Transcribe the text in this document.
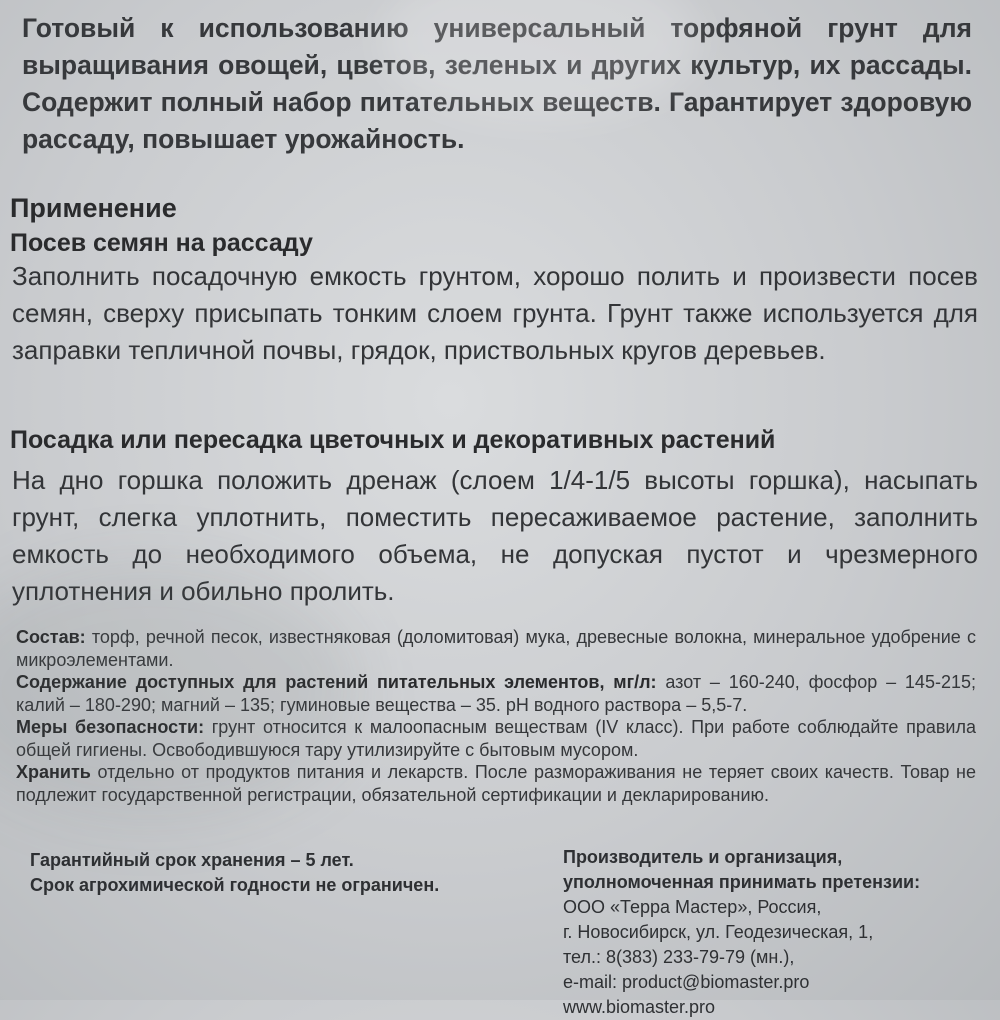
Готовый к использованию универсальный торфяной грунт для выращивания овощей, цветов, зеленых и других культур, их рассады. Содержит полный набор питательных веществ. Гарантирует здоровую рассаду, повышает урожайность.

Применение
Посев семян на рассаду

Заполнить посадочную емкость грунтом, хорошо полить и произвести посев семян, сверху присыпать тонким слоем грунта. Грунт также используется для заправки тепличной почвы, грядок, приствольных кругов деревьев.

Посадка или пересадка цветочных и декоративных растений

На дно горшка положить дренаж (слоем 1/4-1/5 высоты горшка), насыпать грунт, слегка уплотнить, поместить пересаживаемое растение, заполнить емкость до необходимого объема, не допуская пустот и чрезмерного уплотнения и обильно пролить.

Состав: торф, речной песок, известняковая (доломитовая) мука, древесные волокна, минеральное удобрение с микроэлементами.

Содержание доступных для растений питательных элементов, мг/л: азот – 160-240, фосфор – 145-215; калий – 180-290; магний – 135; гуминовые вещества – 35. pH водного раствора – 5,5-7.

Меры безопасности: грунт относится к малоопасным веществам (IV класс). При работе соблюдайте правила общей гигиены. Освободившуюся тару утилизируйте с бытовым мусором.
Хранить отдельно от продуктов питания и лекарств. После размораживания не теряет своих качеств. Товар не подлежит государственной регистрации, обязательной сертификации и декларированию.

Гарантийный срок хранения – 5 лет.
Срок агрохимической годности не ограничен.
Производитель и организация,
уполномоченная принимать претензии:
ООО «Терра Мастер», Россия,
г. Новосибирск, ул. Геодезическая, 1,
тел.: 8(383) 233-79-79 (мн.),
e-mail: product@biomaster.pro
www.biomaster.pro
